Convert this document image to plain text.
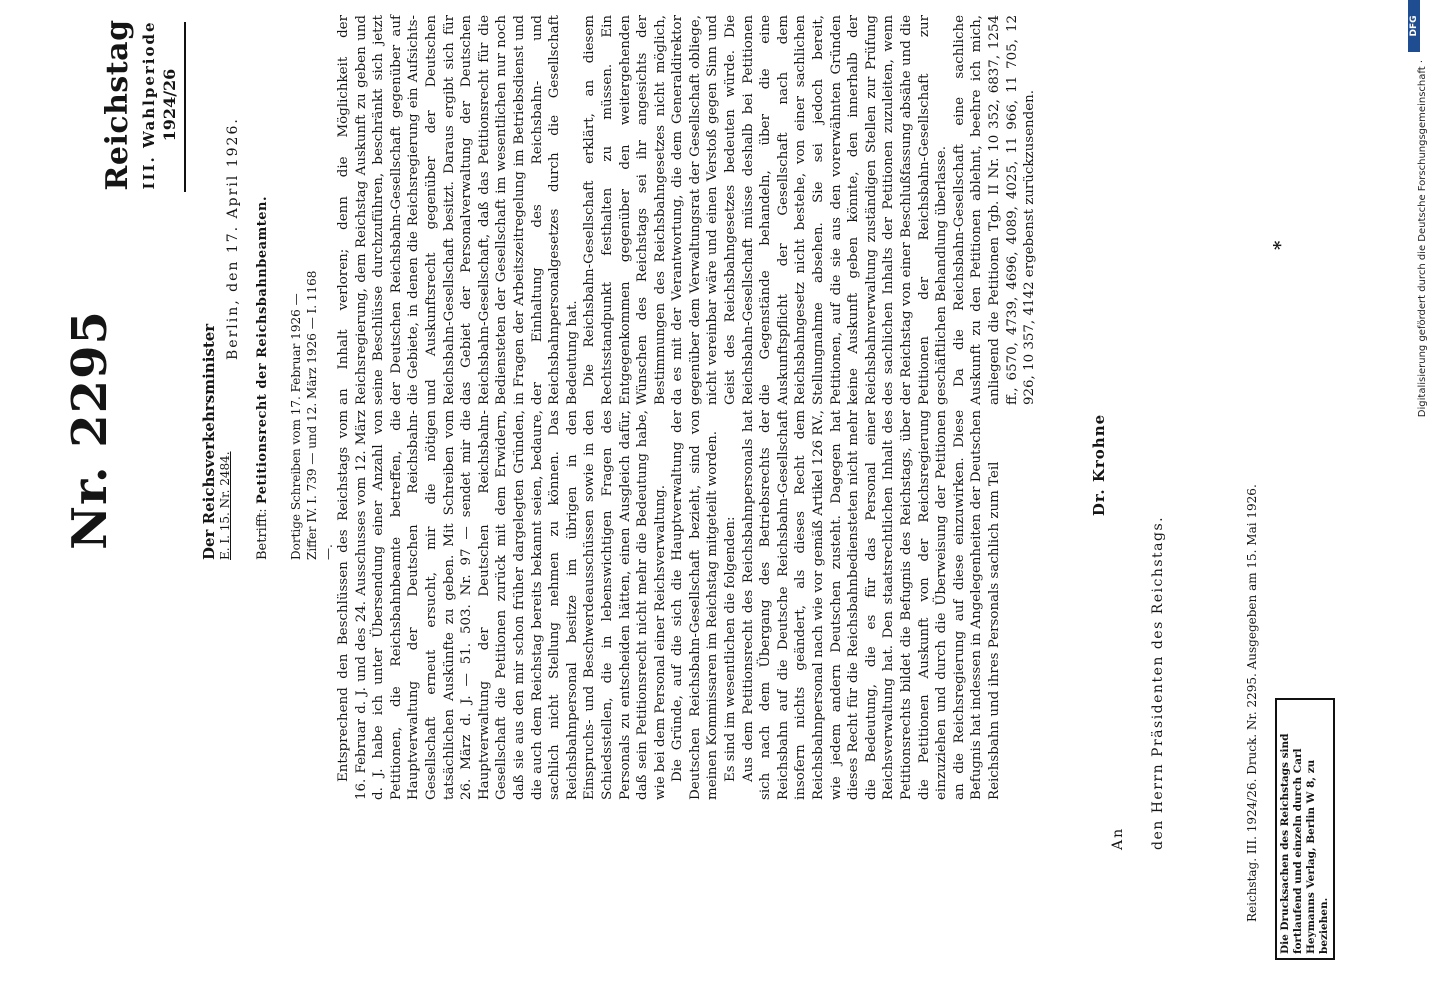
Reichstag III. Wahlperiode 1924/26
Nr. 2295	Der Reichsverkehrsminister E. I. 15. Nr. 2484.
Berlin, den 17. April 1926.
Betrifft: Petitionsrecht der Reichsbahnbeamten. Dortige Schreiben vom 17. Februar 1926 — Ziffer IV. I. 739 — und 12. März 1926 — I. 1168 —. Entsprechend den Beschlüssen des Reichstags vom 16. Februar d. J. und des 24. Ausschusses vom 12. März d. J. habe ich unter Übersendung einer Anzahl von Petitionen, die Reichsbahnbeamte betreffen, die Hauptverwaltung der Deutschen Reichsbahn-Gesellschaft erneut ersucht, mir die nötigen tatsächlichen Auskünfte zu geben. Mit Schreiben vom 26. März d. J. — 51. 503. Nr. 97 — sendet mir die Hauptverwaltung der Deutschen Reichsbahn-Gesellschaft die Petitionen zurück mit dem Erwidern, daß sie aus den mir schon früher dargelegten Gründen, die auch dem Reichstag bereits bekannt seien, bedaure, sachlich nicht Stellung nehmen zu können. Das Reichsbahnpersonal besitze im übrigen in den Einspruchs- und Beschwerdeausschüssen sowie in den Schiedsstellen, die in lebenswichtigen Fragen des Personals zu entscheiden hätten, einen Ausgleich dafür, daß sein Petitionsrecht nicht mehr die Bedeutung habe, wie bei dem Personal einer Reichsverwaltung. Die Gründe, auf die sich die Hauptverwaltung der Deutschen Reichsbahn-Gesellschaft bezieht, sind von meinen Kommissaren im Reichstag mitgeteilt worden. Es sind im wesentlichen die folgenden: Aus dem Petitionsrecht des Reichsbahnpersonals hat sich nach dem Übergang des Betriebsrechts der Reichsbahn auf die Deutsche Reichsbahn-Gesellschaft insofern nichts geändert, als dieses Recht dem Reichsbahnpersonal nach wie vor gemäß Artikel 126 RV., wie jedem andern Deutschen zusteht. Dagegen hat dieses Recht für die Reichsbahnbediensteten nicht mehr die Bedeutung, die es für das Personal einer Reichsverwaltung hat. Den staatsrechtlichen Inhalt des Petitionsrechts bildet die Befugnis des Reichstags, über die Petitionen Auskunft von der Reichsregierung einzuziehen und durch die Überweisung der Petitionen an die Reichsregierung auf diese einzuwirken. Diese Befugnis hat indessen in Angelegenheiten der Deutschen Reichsbahn und ihres Personals sachlich zum Teil

an Inhalt verloren; denn die Möglichkeit der Reichsregierung, dem Reichstag Auskunft zu geben und seine Beschlüsse durchzuführen, beschränkt sich jetzt der Deutschen Reichsbahn-Gesellschaft gegenüber auf die Gebiete, in denen die Reichsregierung ein Aufsichts- und Auskunftsrecht gegenüber der Deutschen Reichsbahn-Gesellschaft besitzt. Daraus ergibt sich für das Gebiet der Personalverwaltung der Deutschen Reichsbahn-Gesellschaft, daß das Petitionsrecht für die Bediensteten der Gesellschaft im wesentlichen nur noch in Fragen der Arbeitszeitregelung im Betriebsdienst und der Einhaltung des Reichsbahn- und Reichsbahnpersonalgesetzes durch die Gesellschaft Bedeutung hat. Die Reichsbahn-Gesellschaft erklärt, an diesem Rechtsstandpunkt festhalten zu müssen. Ein Entgegenkommen gegenüber den weitergehenden Wünschen des Reichstags sei ihr angesichts der Bestimmungen des Reichsbahngesetzes nicht möglich, da es mit der Verantwortung, die dem Generaldirektor gegenüber dem Verwaltungsrat der Gesellschaft obliege, nicht vereinbar wäre und einen Verstoß gegen Sinn und Geist des Reichsbahngesetzes bedeuten würde. Die Reichsbahn-Gesellschaft müsse deshalb bei Petitionen die Gegenstände behandeln, über die eine Auskunftspflicht der Gesellschaft nach dem Reichsbahngesetz nicht bestehe, von einer sachlichen Stellungnahme absehen. Sie sei jedoch bereit, Petitionen, auf die sie aus den vorerwähnten Gründen keine Auskunft geben könnte, den innerhalb der Reichsbahnverwaltung zuständigen Stellen zur Prüfung des sachlichen Inhalts der Petitionen zuzuleiten, wenn der Reichstag von einer Beschlußfassung absähe und die Petitionen der Reichsbahn-Gesellschaft zur geschäftlichen Behandlung überlasse. Da die Reichsbahn-Gesellschaft eine sachliche Auskunft zu den Petitionen ablehnt, beehre ich mich, anliegend die Petitionen Tgb. II Nr. 10 352, 6837, 1254 ff., 6570, 4739, 4696, 4089, 4025, 11 966, 11 705, 12 926, 10 357, 4142 ergebenst zurückzusenden.

Dr. Krohne
An den Herrn Präsidenten des Reichstags.	Reichstag. III. 1924/26. Druck. Nr. 2295. Ausgegeben am 15. Mai 1926.
*
Die Drucksachen des Reichstags sind fortlaufend und einzeln durch Carl Heymanns Verlag, Berlin W 8, zu beziehen.
Digitalisierung gefördert durch die Deutsche Forschungsgemeinschaft ·
DFG
